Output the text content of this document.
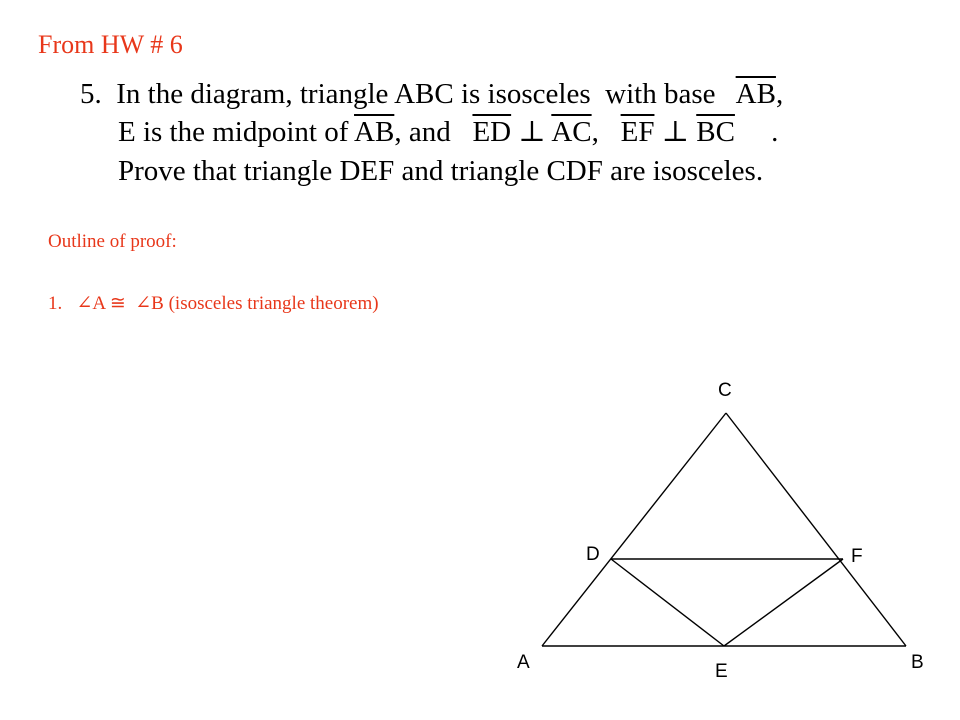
From HW # 6
5. In the diagram, triangle ABC is isosceles with base $\overline{AB}$,
E is the midpoint of $\overline{AB}$, and $\overline{ED}$ ⊥ $\overline{AC}$, $\overline{EF}$ ⊥ $\overline{BC}$ .
Prove that triangle DEF and triangle CDF are isosceles.
Outline of proof:
1. ∠A ≅ ∠B (isosceles triangle theorem)
C
D	F
A	B
E
